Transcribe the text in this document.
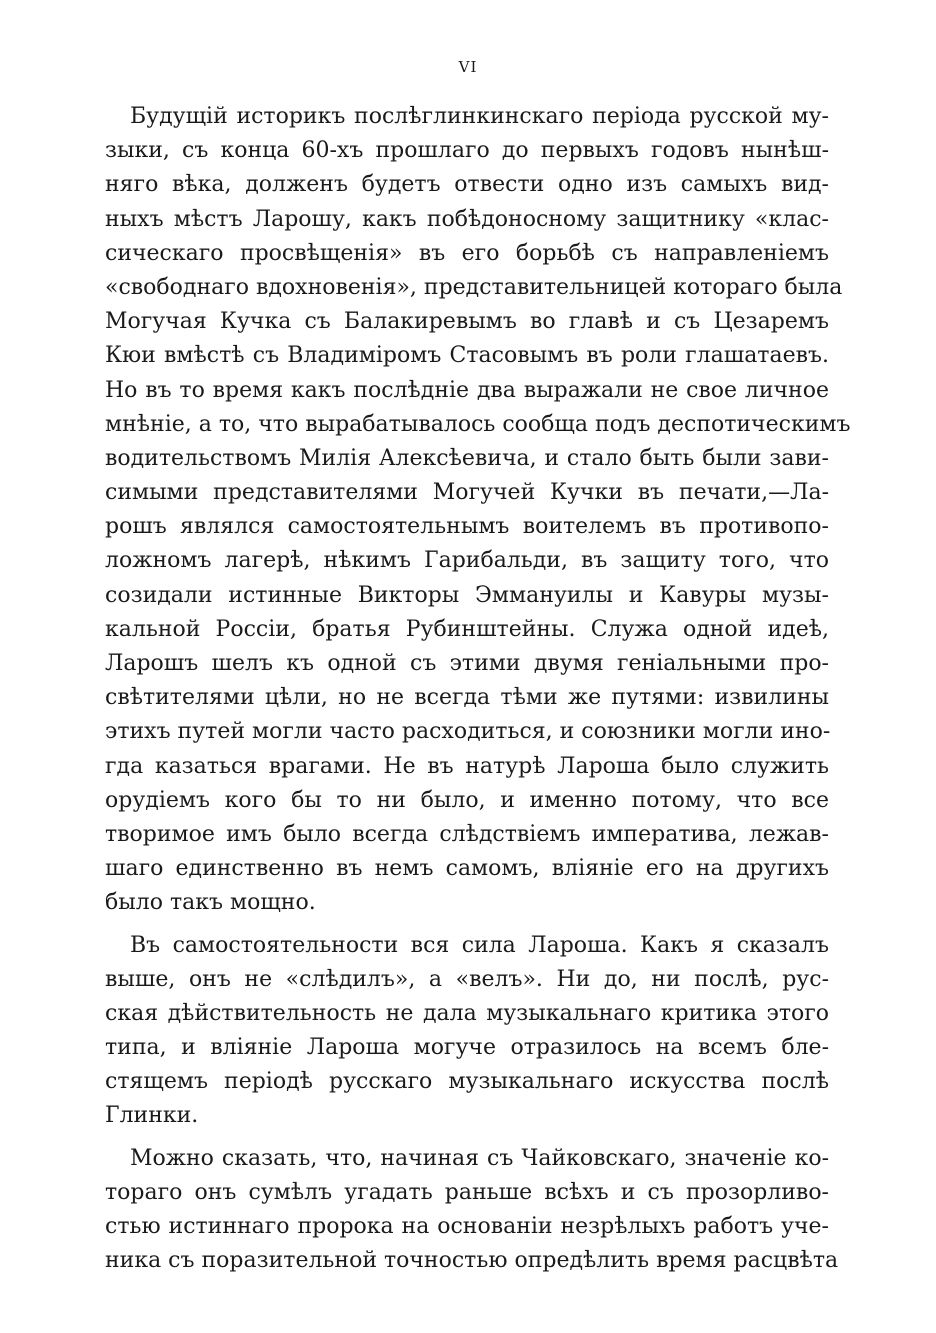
VI
Будущій историкъ послѣглинкинскаго періода русской му-
зыки, съ конца 60-хъ прошлаго до первыхъ годовъ нынѣш-
няго вѣка, долженъ будетъ отвести одно изъ самыхъ вид-
ныхъ мѣстъ Ларошу, какъ побѣдоносному защитнику «клас-
сическаго просвѣщенія» въ его борьбѣ съ направленіемъ
«свободнаго вдохновенія», представительницей котораго была
Могучая Кучка съ Балакиревымъ во главѣ и съ Цезаремъ
Кюи вмѣстѣ съ Владиміромъ Стасовымъ въ роли глашатаевъ.
Но въ то время какъ послѣдніе два выражали не свое личное
мнѣніе, а то, что вырабатывалось сообща подъ деспотическимъ
водительствомъ Милія Алексѣевича, и стало быть были зави-
симыми представителями Могучей Кучки въ печати,—Ла-
рошъ являлся самостоятельнымъ воителемъ въ противопо-
ложномъ лагерѣ, нѣкимъ Гарибальди, въ защиту того, что
созидали истинные Викторы Эммануилы и Кавуры музы-
кальной Россіи, братья Рубинштейны. Служа одной идеѣ,
Ларошъ шелъ къ одной съ этими двумя геніальными про-
свѣтителями цѣли, но не всегда тѣми же путями: извилины
этихъ путей могли часто расходиться, и союзники могли ино-
гда казаться врагами. Не въ натурѣ Лароша было служить
орудіемъ кого бы то ни было, и именно потому, что все
творимое имъ было всегда слѣдствіемъ императива, лежав-
шаго единственно въ немъ самомъ, вліяніе его на другихъ
было такъ мощно.
Въ самостоятельности вся сила Ларошa. Какъ я сказалъ
выше, онъ не «слѣдилъ», а «велъ». Ни до, ни послѣ, рус-
ская дѣйствительность не дала музыкальнаго критика этого
типа, и вліяніе Ларошa могуче отразилось на всемъ бле-
стящемъ періодѣ русскаго музыкальнаго искусства послѣ
Глинки.
Можно сказать, что, начиная съ Чайковскаго, значеніе ко-
тораго онъ сумѣлъ угадать раньше всѣхъ и съ прозорливо-
стью истиннаго пророка на основаніи незрѣлыхъ работъ уче-
ника съ поразительной точностью опредѣлить время расцвѣта
